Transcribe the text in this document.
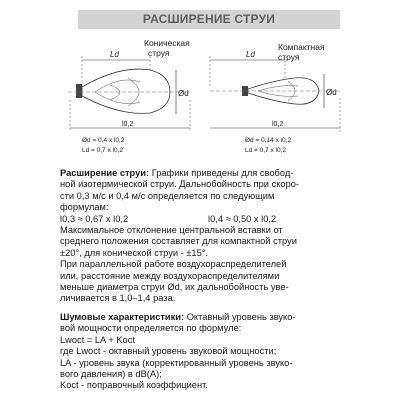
РАСШИРЕНИЕ СТРУИ
Ld
Ød
l0,2
Коническая
струя
Ød = 0,4 x l0,2
Ld = 0,7 x l0,2
Ld
Ød
l0,2
Компактная
струя
Ød = 0,14 x l0,2
Ld = 0,7 x l0,2

Расширение струи: Графики приведены для свобод-

ной изотермической струи. Дальнобойность при скоро-

сти 0,3 м/с и 0,4 м/с определяется по следующим

формулам:

l0,3 ≈ 0,67 x l0,2	l0,4 ≈ 0,50 x l0,2

Максимальное отклонение центральной вставки от

среднего положения составляет для компактной струи

±20°, для конической струи - ±15°.

При параллельной работе воздухораспределителей

или, расстояние между воздухораспределителями

меньше диаметра струи Ød, их дальнобойность уве-

личивается в 1,0–1,4 раза.

Шумовые характеристики: Октавный уровень звуко-

вой мощности определяется по формуле:

Lwoct = LA + Koct

где Lwoct - октавный уровень звуковой мощности;

LA - уровень звука (корректированный уровень звуко-

вого давления) в dB(A);

Koct - поправочный коэффициент.
